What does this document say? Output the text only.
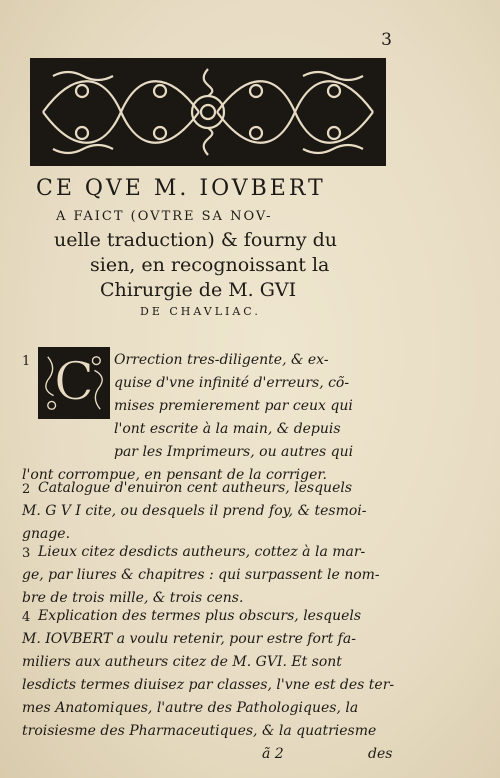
3
CE QVE M. IOVBERT
A FAICT (OVTRE SA NOV-
uelle traduction) & fourny du
sien, en recognoissant la
Chirurgie de M. GVI
DE CHAVLIAC.
1 C Orrection tres-diligente, & ex-
quise d'vne infinité d'erreurs, cõ-
mises premierement par ceux qui
l'ont escrite à la main, & depuis
par les Imprimeurs, ou autres qui
l'ont corrompue, en pensant de la corriger.
2 Catalogue d'enuiron cent autheurs, lesquels
M. G V I cite, ou desquels il prend foy, & tesmoi-
gnage.
3 Lieux citez desdicts autheurs, cottez à la mar-
ge, par liures & chapitres : qui surpassent le nom-
bre de trois mille, & trois cens.
4 Explication des termes plus obscurs, lesquels
M. IOVBERT a voulu retenir, pour estre fort fa-
miliers aux autheurs citez de M. GVI. Et sont
lesdicts termes diuisez par classes, l'vne est des ter-
mes Anatomiques, l'autre des Pathologiques, la
troisiesme des Pharmaceutiques, & la quatriesme
ã 2	des
